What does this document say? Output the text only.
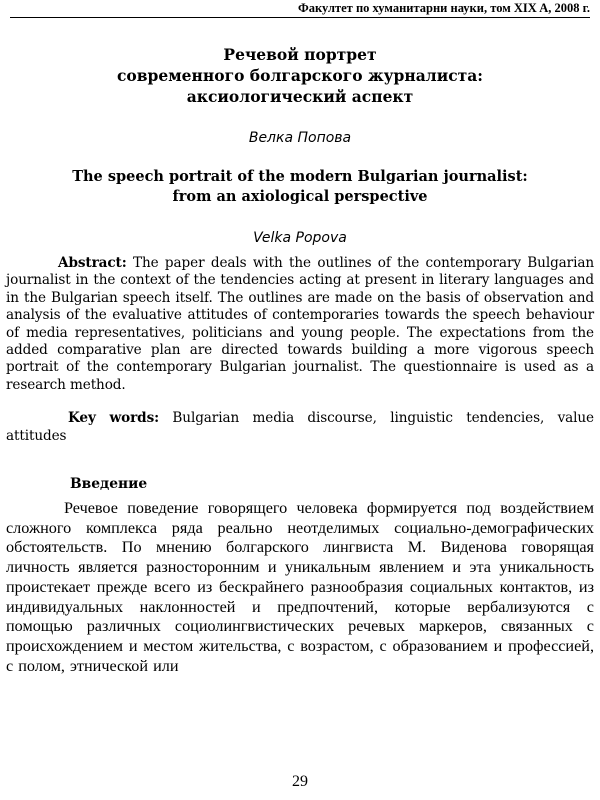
Факултет по хуманитарни науки, том XIX A, 2008 г.
Речевой портрет
современного болгарского журналиста:
аксиологический аспект
Велка Попова
The speech portrait of the modern Bulgarian journalist:
from an axiological perspective
Velka Popova

Abstract: The paper deals with the outlines of the contemporary Bulgarian journalist in the context of the tendencies acting at present in literary languages and in the Bulgarian speech itself. The outlines are made on the basis of observation and analysis of the evaluative attitudes of contemporaries towards the speech behaviour of media representatives, politicians and young people. The expectations from the added comparative plan are directed towards building a more vigorous speech portrait of the contemporary Bulgarian journalist. The questionnaire is used as a research method.

Key words: Bulgarian media discourse, linguistic tendencies, value attitudes

Введение

Речевое поведение говорящего человека формируется под воздействием сложного комплекса ряда реально неотделимых социально-демографических обстоятельств. По мнению болгарского лингвиста М. Виденова говорящая личность является разносторонним и уникальным явлением и эта уникальность проистекает прежде всего из бескрайнего разнообразия социальных контактов, из индивидуальных наклонностей и предпочтений, которые вербализуются с помощью различных социолингвистических речевых маркеров, связанных с происхождением и местом жительства, с возрастом, с образованием и профессией, с полом, этнической или

29
